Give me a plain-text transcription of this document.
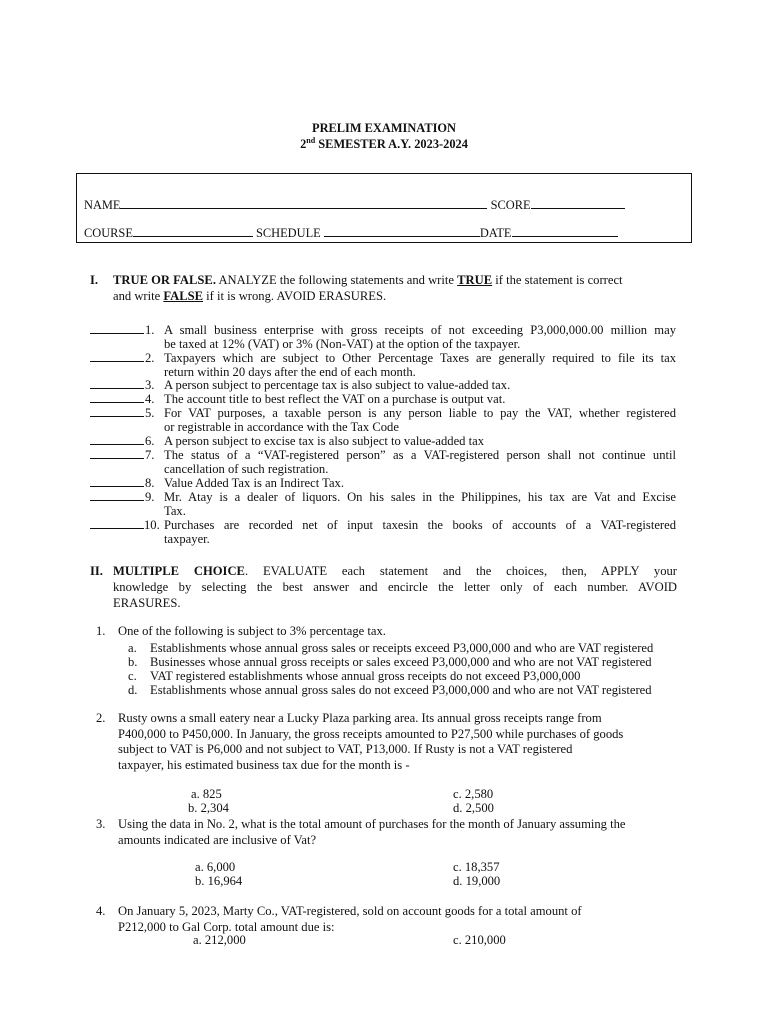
PRELIM EXAMINATION
2nd SEMESTER A.Y. 2023-2024
NAME	SCORE
COURSE	SCHEDULE	DATE
I. TRUE OR FALSE. ANALYZE the following statements and write TRUE if the statement is correct
and write FALSE if it is wrong. AVOID ERASURES.
1. A small business enterprise with gross receipts of not exceeding P3,000,000.00 million may
be taxed at 12% (VAT) or 3% (Non-VAT) at the option of the taxpayer.
2. Taxpayers which are subject to Other Percentage Taxes are generally required to file its tax
return within 20 days after the end of each month.
3. A person subject to percentage tax is also subject to value-added tax.
4. The account title to best reflect the VAT on a purchase is output vat.
5. For VAT purposes, a taxable person is any person liable to pay the VAT, whether registered
or registrable in accordance with the Tax Code
6. A person subject to excise tax is also subject to value-added tax
7. The status of a “VAT-registered person” as a VAT-registered person shall not continue until
cancellation of such registration.
8. Value Added Tax is an Indirect Tax.
9. Mr. Atay is a dealer of liquors. On his sales in the Philippines, his tax are Vat and Excise
Tax.
10. Purchases are recorded net of input taxesin the books of accounts of a VAT-registered
taxpayer.
II. MULTIPLE CHOICE. EVALUATE each statement and the choices, then, APPLY your
knowledge by selecting the best answer and encircle the letter only of each number. AVOID
ERASURES.
1. One of the following is subject to 3% percentage tax.
a. Establishments whose annual gross sales or receipts exceed P3,000,000 and who are VAT registered
b. Businesses whose annual gross receipts or sales exceed P3,000,000 and who are not VAT registered
c. VAT registered establishments whose annual gross receipts do not exceed P3,000,000
d. Establishments whose annual gross sales do not exceed P3,000,000 and who are not VAT registered
2. Rusty owns a small eatery near a Lucky Plaza parking area. Its annual gross receipts range from
P400,000 to P450,000. In January, the gross receipts amounted to P27,500 while purchases of goods
subject to VAT is P6,000 and not subject to VAT, P13,000. If Rusty is not a VAT registered
taxpayer, his estimated business tax due for the month is -
a. 825
b. 2,304
c. 2,580
d. 2,500
3. Using the data in No. 2, what is the total amount of purchases for the month of January assuming the
amounts indicated are inclusive of Vat?
a. 6,000
b. 16,964
c. 18,357
d. 19,000
4. On January 5, 2023, Marty Co., VAT-registered, sold on account goods for a total amount of
P212,000 to Gal Corp. total amount due is:
a. 212,000	c. 210,000
